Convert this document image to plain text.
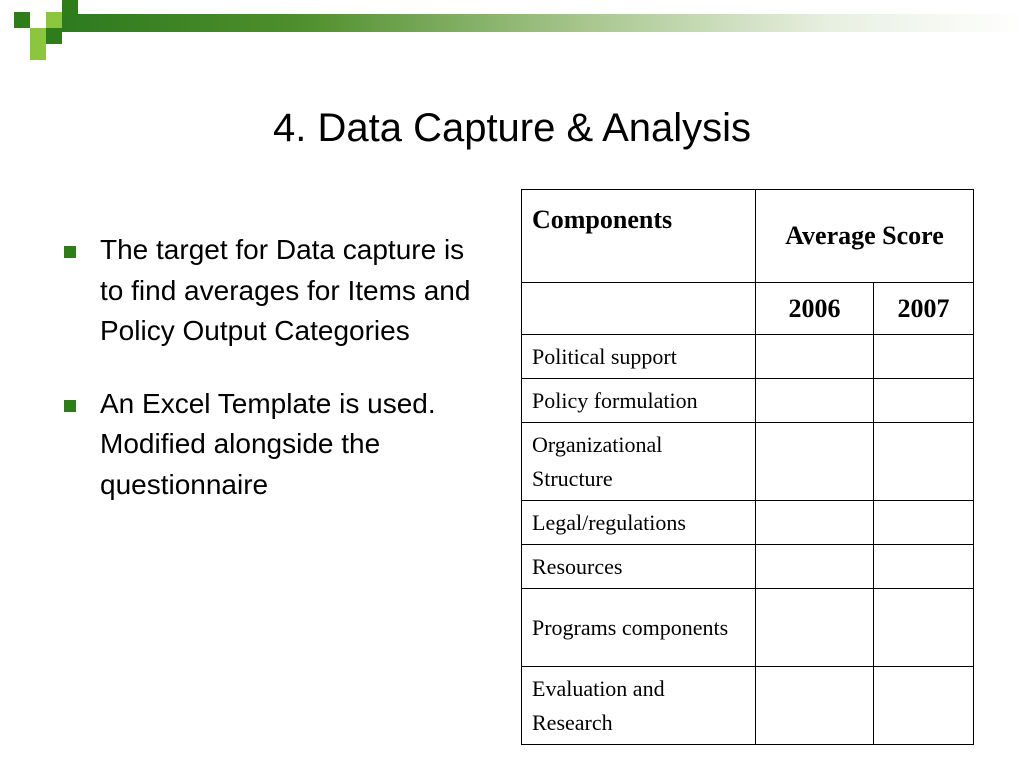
4. Data Capture & Analysis
The target for Data capture is to find averages for Items and Policy Output Categories
An Excel Template is used. Modified alongside the questionnaire
Components	Average Score	
	2006	2007
Political support		
Policy formulation		
Organizational Structure		
Legal/regulations		
Resources		
Programs components		
Evaluation and Research		
